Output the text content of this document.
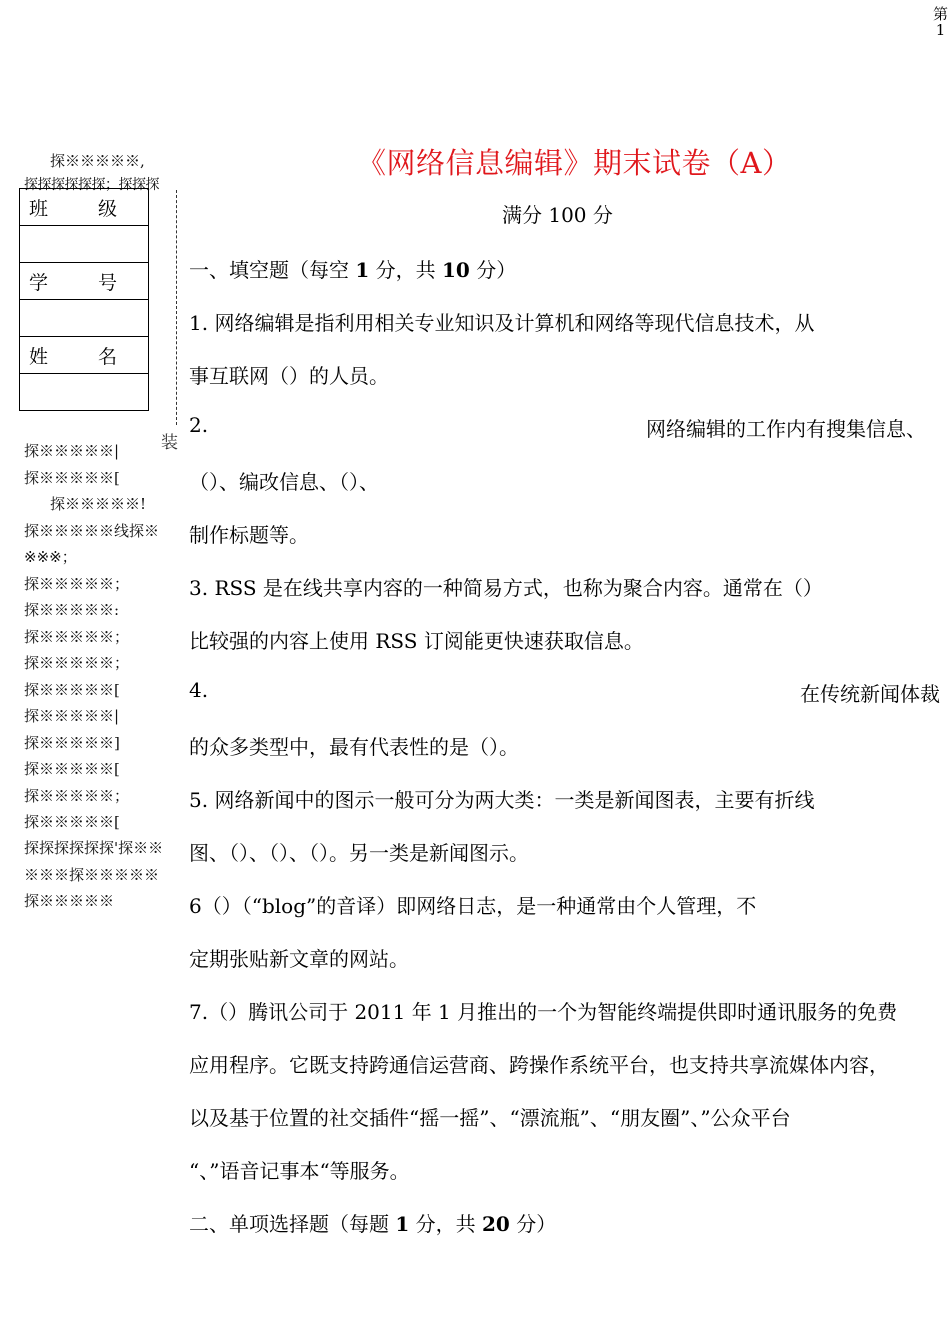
第
1
《网络信息编辑》期末试卷（A）
满分 100 分
探※※※※※,
探探探探探探；探探探
班 级

学 号

姓 名

装
探※※※※※|
探※※※※※[
探※※※※※!
探※※※※※线探※
※※※；
探※※※※※；
探※※※※※:
探※※※※※；
探※※※※※；
探※※※※※[
探※※※※※|
探※※※※※]
探※※※※※[
探※※※※※；
探※※※※※[
探探探探探探'探※※
※※※探※※※※※
探※※※※※
一、填空题（每空 1 分，共 10 分）
1. 网络编辑是指利用相关专业知识及计算机和网络等现代信息技术，从
事互联网（）的人员。
2.	网络编辑的工作内有搜集信息、
（）、编改信息、（）、
制作标题等。
3. RSS 是在线共享内容的一种简易方式，也称为聚合内容。通常在（）
比较强的内容上使用 RSS 订阅能更快速获取信息。
4.	在传统新闻体裁
的众多类型中，最有代表性的是（）。
5. 网络新闻中的图示一般可分为两大类：一类是新闻图表，主要有折线
图、（）、（）、（）。另一类是新闻图示。
6（）（“blog”的音译）即网络日志，是一种通常由个人管理，不
定期张贴新文章的网站。
7.（）腾讯公司于 2011 年 1 月推出的一个为智能终端提供即时通讯服务的免费
应用程序。它既支持跨通信运营商、跨操作系统平台，也支持共享流媒体内容，
以及基于位置的社交插件“摇一摇”、“漂流瓶”、“朋友圈”、”公众平台
“、”语音记事本“等服务。
二、单项选择题（每题 1 分，共 20 分）
